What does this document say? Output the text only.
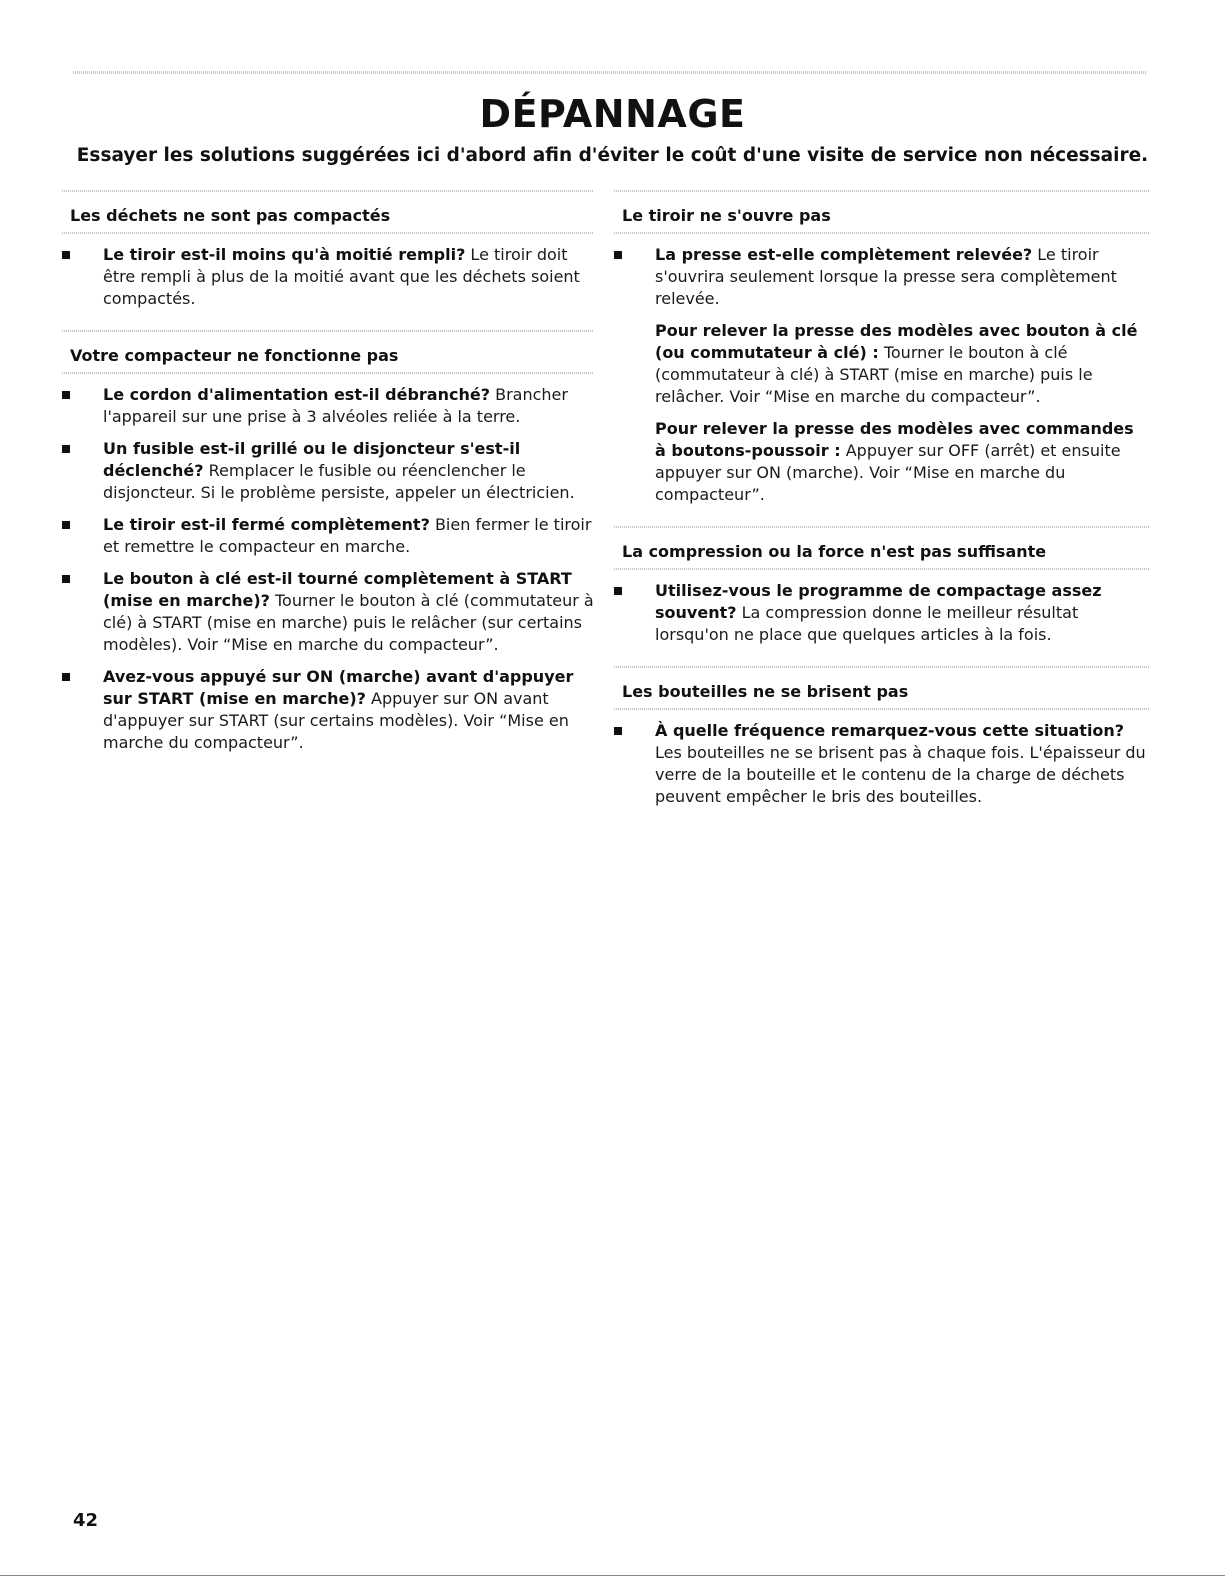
DÉPANNAGE

Essayer les solutions suggérées ici d'abord afin d'éviter le coût d'une visite de service non nécessaire.

Les déchets ne sont pas compactés
Le tiroir est-il moins qu'à moitié rempli? Le tiroir doit être rempli à plus de la moitié avant que les déchets soient compactés.
Votre compacteur ne fonctionne pas
Le cordon d'alimentation est-il débranché? Brancher l'appareil sur une prise à 3 alvéoles reliée à la terre.
Un fusible est-il grillé ou le disjoncteur s'est-il déclenché? Remplacer le fusible ou réenclencher le disjoncteur. Si le problème persiste, appeler un électricien.
Le tiroir est-il fermé complètement? Bien fermer le tiroir et remettre le compacteur en marche.
Le bouton à clé est-il tourné complètement à START (mise en marche)? Tourner le bouton à clé (commutateur à clé) à START (mise en marche) puis le relâcher (sur certains modèles). Voir “Mise en marche du compacteur”.
Avez-vous appuyé sur ON (marche) avant d'appuyer sur START (mise en marche)? Appuyer sur ON avant d'appuyer sur START (sur certains modèles). Voir “Mise en marche du compacteur”.
Le tiroir ne s'ouvre pas
La presse est-elle complètement relevée? Le tiroir s'ouvrira seulement lorsque la presse sera complètement relevée.
Pour relever la presse des modèles avec bouton à clé (ou commutateur à clé) : Tourner le bouton à clé (commutateur à clé) à START (mise en marche) puis le relâcher. Voir “Mise en marche du compacteur”.
Pour relever la presse des modèles avec commandes à boutons-poussoir : Appuyer sur OFF (arrêt) et ensuite appuyer sur ON (marche). Voir “Mise en marche du compacteur”.
La compression ou la force n'est pas suffisante
Utilisez-vous le programme de compactage assez souvent? La compression donne le meilleur résultat lorsqu'on ne place que quelques articles à la fois.
Les bouteilles ne se brisent pas
À quelle fréquence remarquez-vous cette situation? Les bouteilles ne se brisent pas à chaque fois. L'épaisseur du verre de la bouteille et le contenu de la charge de déchets peuvent empêcher le bris des bouteilles.
42
